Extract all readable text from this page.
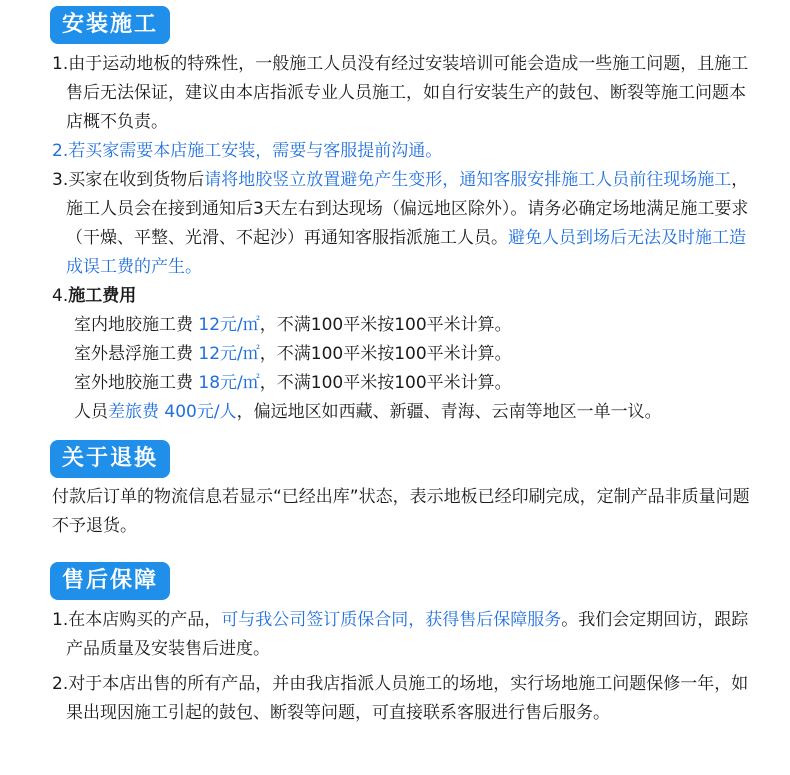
安装施工

1.由于运动地板的特殊性，一般施工人员没有经过安装培训可能会造成一些施工问题，且施工售后无法保证，建议由本店指派专业人员施工，如自行安装生产的鼓包、断裂等施工问题本店概不负责。

2.若买家需要本店施工安装，需要与客服提前沟通。

3.买家在收到货物后请将地胶竖立放置避免产生变形，通知客服安排施工人员前往现场施工，施工人员会在接到通知后3天左右到达现场（偏远地区除外）。请务必确定场地满足施工要求（干燥、平整、光滑、不起沙）再通知客服指派施工人员。避免人员到场后无法及时施工造成误工费的产生。

4.施工费用

室内地胶施工费 12元/㎡，不满100平米按100平米计算。
室外悬浮施工费 12元/㎡，不满100平米按100平米计算。
室外地胶施工费 18元/㎡，不满100平米按100平米计算。
人员差旅费 400元/人，偏远地区如西藏、新疆、青海、云南等地区一单一议。
关于退换

付款后订单的物流信息若显示“已经出库”状态，表示地板已经印刷完成，定制产品非质量问题不予退货。

售后保障

1.在本店购买的产品，可与我公司签订质保合同，获得售后保障服务。我们会定期回访，跟踪产品质量及安装售后进度。

2.对于本店出售的所有产品，并由我店指派人员施工的场地，实行场地施工问题保修一年，如果出现因施工引起的鼓包、断裂等问题，可直接联系客服进行售后服务。
